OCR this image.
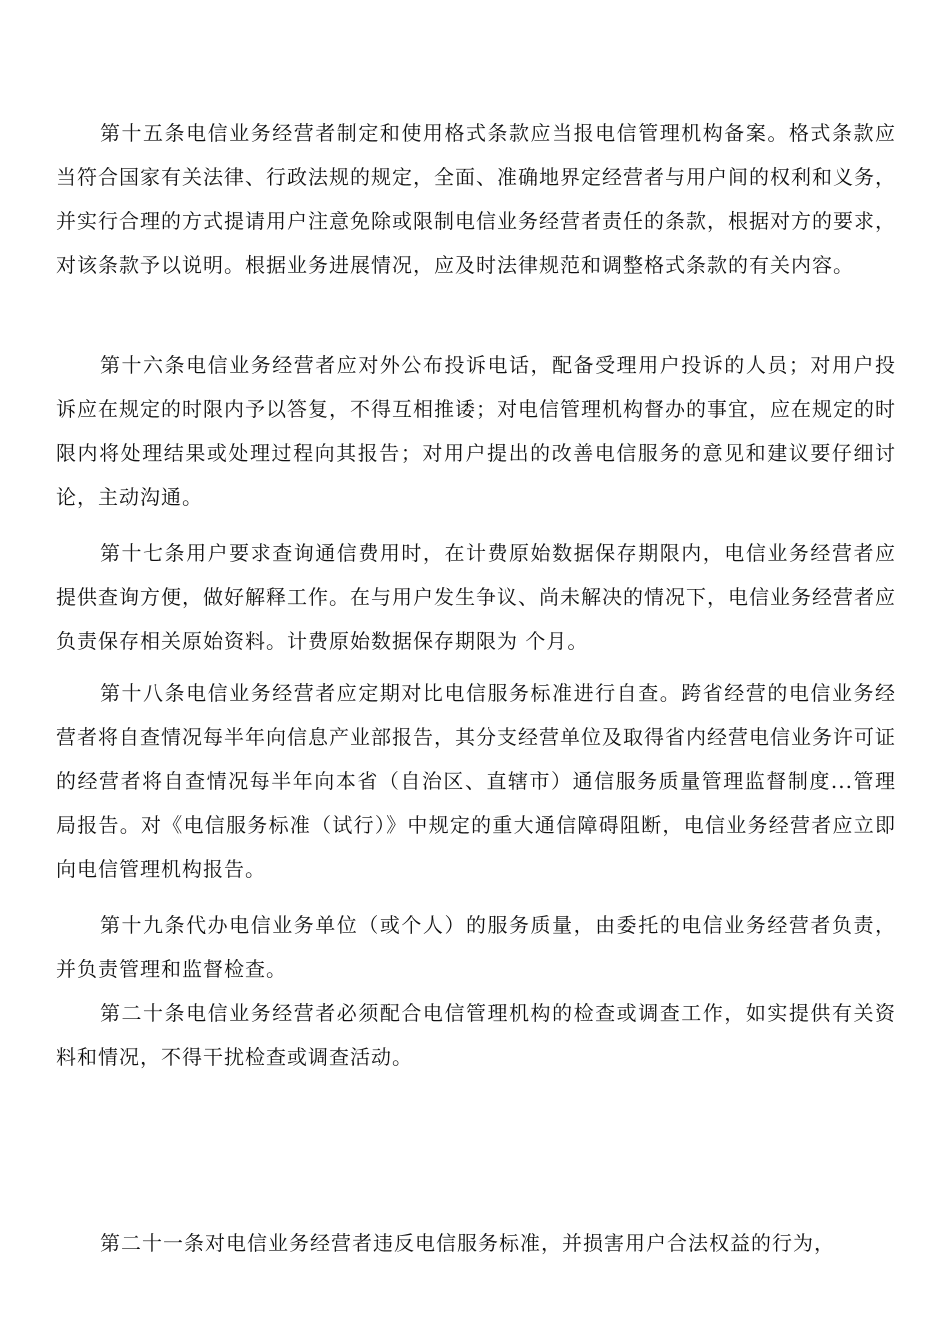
第十五条电信业务经营者制定和使用格式条款应当报电信管理机构备案。格式条款应当符合国家有关法律、行政法规的规定，全面、准确地界定经营者与用户间的权利和义务，并实行合理的方式提请用户注意免除或限制电信业务经营者责任的条款，根据对方的要求，对该条款予以说明。根据业务进展情况，应及时法律规范和调整格式条款的有关内容。

第十六条电信业务经营者应对外公布投诉电话，配备受理用户投诉的人员；对用户投诉应在规定的时限内予以答复，不得互相推诿；对电信管理机构督办的事宜，应在规定的时限内将处理结果或处理过程向其报告；对用户提出的改善电信服务的意见和建议要仔细讨论，主动沟通。

第十七条用户要求查询通信费用时，在计费原始数据保存期限内，电信业务经营者应提供查询方便，做好解释工作。在与用户发生争议、尚未解决的情况下，电信业务经营者应负责保存相关原始资料。计费原始数据保存期限为 个月。

第十八条电信业务经营者应定期对比电信服务标准进行自查。跨省经营的电信业务经营者将自查情况每半年向信息产业部报告，其分支经营单位及取得省内经营电信业务许可证的经营者将自查情况每半年向本省（自治区、直辖市）通信服务质量管理监督制度...管理局报告。对《电信服务标准（试行）》中规定的重大通信障碍阻断，电信业务经营者应立即向电信管理机构报告。

第十九条代办电信业务单位（或个人）的服务质量，由委托的电信业务经营者负责，并负责管理和监督检查。

第二十条电信业务经营者必须配合电信管理机构的检查或调查工作，如实提供有关资料和情况，不得干扰检查或调查活动。

第二十一条对电信业务经营者违反电信服务标准，并损害用户合法权益的行为，
